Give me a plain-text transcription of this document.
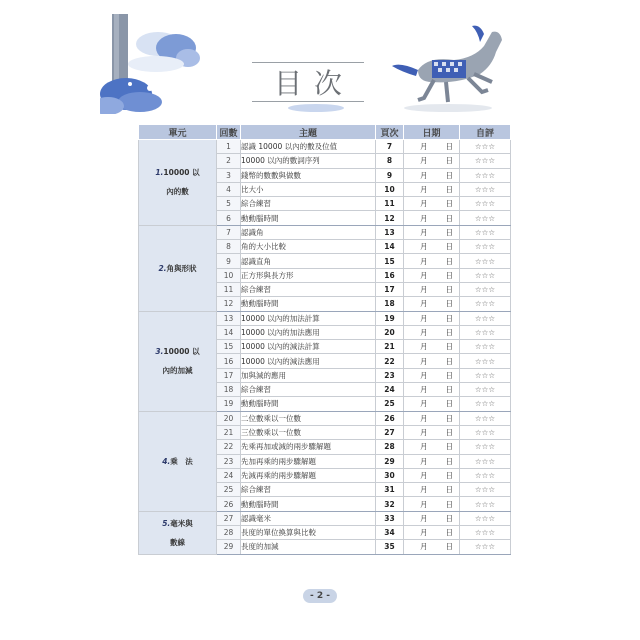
目次
單元	回數	主題	頁次	日期	自評
1.10000 以
內的數	1	認識 10000 以內的數及位值	7	月 日	☆☆☆
	2	10000 以內的數詞序列	8	月 日	☆☆☆
	3	錢幣的數數與做數	9	月 日	☆☆☆
	4	比大小	10	月 日	☆☆☆
	5	綜合練習	11	月 日	☆☆☆
	6	動動腦時間	12	月 日	☆☆☆
2.角與形狀	7	認識角	13	月 日	☆☆☆
	8	角的大小比較	14	月 日	☆☆☆
	9	認識直角	15	月 日	☆☆☆
	10	正方形與長方形	16	月 日	☆☆☆
	11	綜合練習	17	月 日	☆☆☆
	12	動動腦時間	18	月 日	☆☆☆
3.10000 以
內的加減	13	10000 以內的加法計算	19	月 日	☆☆☆
	14	10000 以內的加法應用	20	月 日	☆☆☆
	15	10000 以內的減法計算	21	月 日	☆☆☆
	16	10000 以內的減法應用	22	月 日	☆☆☆
	17	加與減的應用	23	月 日	☆☆☆
	18	綜合練習	24	月 日	☆☆☆
	19	動動腦時間	25	月 日	☆☆☆
4.乘　法	20	二位數乘以一位數	26	月 日	☆☆☆
	21	三位數乘以一位數	27	月 日	☆☆☆
	22	先乘再加或減的兩步驟解題	28	月 日	☆☆☆
	23	先加再乘的兩步驟解題	29	月 日	☆☆☆
	24	先減再乘的兩步驟解題	30	月 日	☆☆☆
	25	綜合練習	31	月 日	☆☆☆
	26	動動腦時間	32	月 日	☆☆☆
5.毫米與
數線	27	認識毫米	33	月 日	☆☆☆
	28	長度的單位換算與比較	34	月 日	☆☆☆
	29	長度的加減	35	月 日	☆☆☆
- 2 -
